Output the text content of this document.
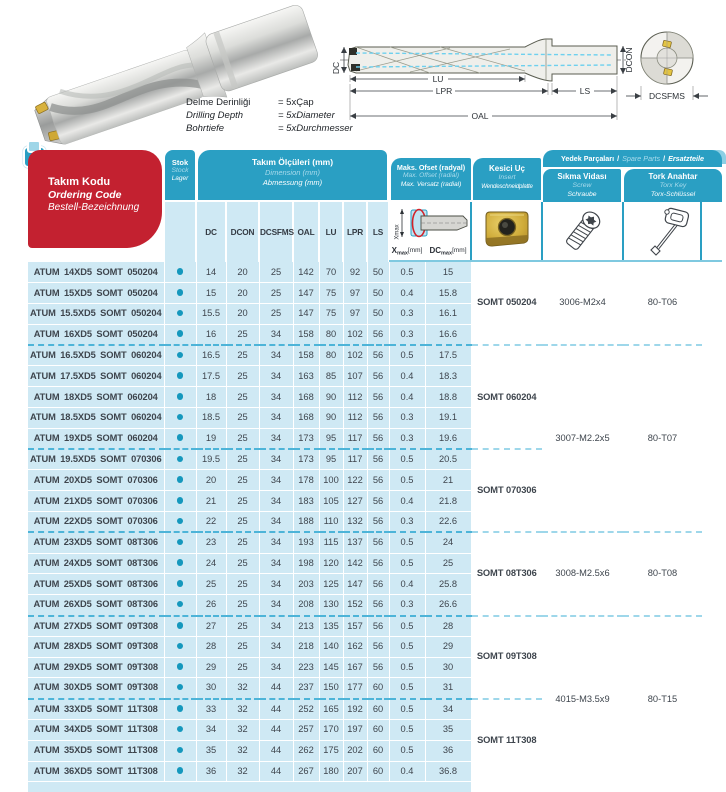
DC
LU
LPR	LS
OAL
DCON
DCSFMS
Delme Derinliği	= 5xÇap
Drilling Depth	= 5xDiameter
Bohrtiefe	= 5xDurchmesser
Takım Kodu
Ordering Code
Bestell-Bezeichnung
Stok
Stock
Lager
Takım Ölçüleri (mm)
Dimension (mm)
Abmessung (mm)
DC	DCON DCSFMS OAL	LU	LPR	LS
Maks. Ofset (radyal)
Max. Offset (radial)
Max. Versatz (radial)
Xmax
$X_{max}[mm]$ $DC_{max}[mm]$
Kesici Uç
Insert
Wendeschneidplatte
Yedek Parçaları / Spare Parts / Ersatzteile
Sıkma Vidası
Screw
Schraube
Tork Anahtar
Torx Key
Torx-Schlüssel
ATUM 14XD5 SOMT 050204		14	20	25	142	70	92	50	0.5	15	SOMT 050204	3006-M2x4	80-T06
ATUM 15XD5 SOMT 050204		15	20	25	147	75	97	50	0.4	15.8			
ATUM 15.5XD5 SOMT 050204		15.5	20	25	147	75	97	50	0.3	16.1			
ATUM 16XD5 SOMT 050204		16	25	34	158	80	102	56	0.3	16.6			
ATUM 16.5XD5 SOMT 060204		16.5	25	34	158	80	102	56	0.5	17.5	SOMT 060204	3007-M2.2x5	80-T07
ATUM 17.5XD5 SOMT 060204		17.5	25	34	163	85	107	56	0.4	18.3			
ATUM 18XD5 SOMT 060204		18	25	34	168	90	112	56	0.4	18.8			
ATUM 18.5XD5 SOMT 060204		18.5	25	34	168	90	112	56	0.3	19.1			
ATUM 19XD5 SOMT 060204		19	25	34	173	95	117	56	0.3	19.6			
ATUM 19.5XD5 SOMT 070306		19.5	25	34	173	95	117	56	0.5	20.5	SOMT 070306		
ATUM 20XD5 SOMT 070306		20	25	34	178	100	122	56	0.5	21			
ATUM 21XD5 SOMT 070306		21	25	34	183	105	127	56	0.4	21.8			
ATUM 22XD5 SOMT 070306		22	25	34	188	110	132	56	0.3	22.6			
ATUM 23XD5 SOMT 08T306		23	25	34	193	115	137	56	0.5	24	SOMT 08T306	3008-M2.5x6	80-T08
ATUM 24XD5 SOMT 08T306		24	25	34	198	120	142	56	0.5	25			
ATUM 25XD5 SOMT 08T306		25	25	34	203	125	147	56	0.4	25.8			
ATUM 26XD5 SOMT 08T306		26	25	34	208	130	152	56	0.3	26.6			
ATUM 27XD5 SOMT 09T308		27	25	34	213	135	157	56	0.5	28	SOMT 09T308	4015-M3.5x9	80-T15
ATUM 28XD5 SOMT 09T308		28	25	34	218	140	162	56	0.5	29			
ATUM 29XD5 SOMT 09T308		29	25	34	223	145	167	56	0.5	30			
ATUM 30XD5 SOMT 09T308		30	32	44	237	150	177	60	0.5	31			
ATUM 33XD5 SOMT 11T308		33	32	44	252	165	192	60	0.5	34	SOMT 11T308		
ATUM 34XD5 SOMT 11T308		34	32	44	257	170	197	60	0.5	35			
ATUM 35XD5 SOMT 11T308		35	32	44	262	175	202	60	0.5	36			
ATUM 36XD5 SOMT 11T308		36	32	44	267	180	207	60	0.4	36.8			
